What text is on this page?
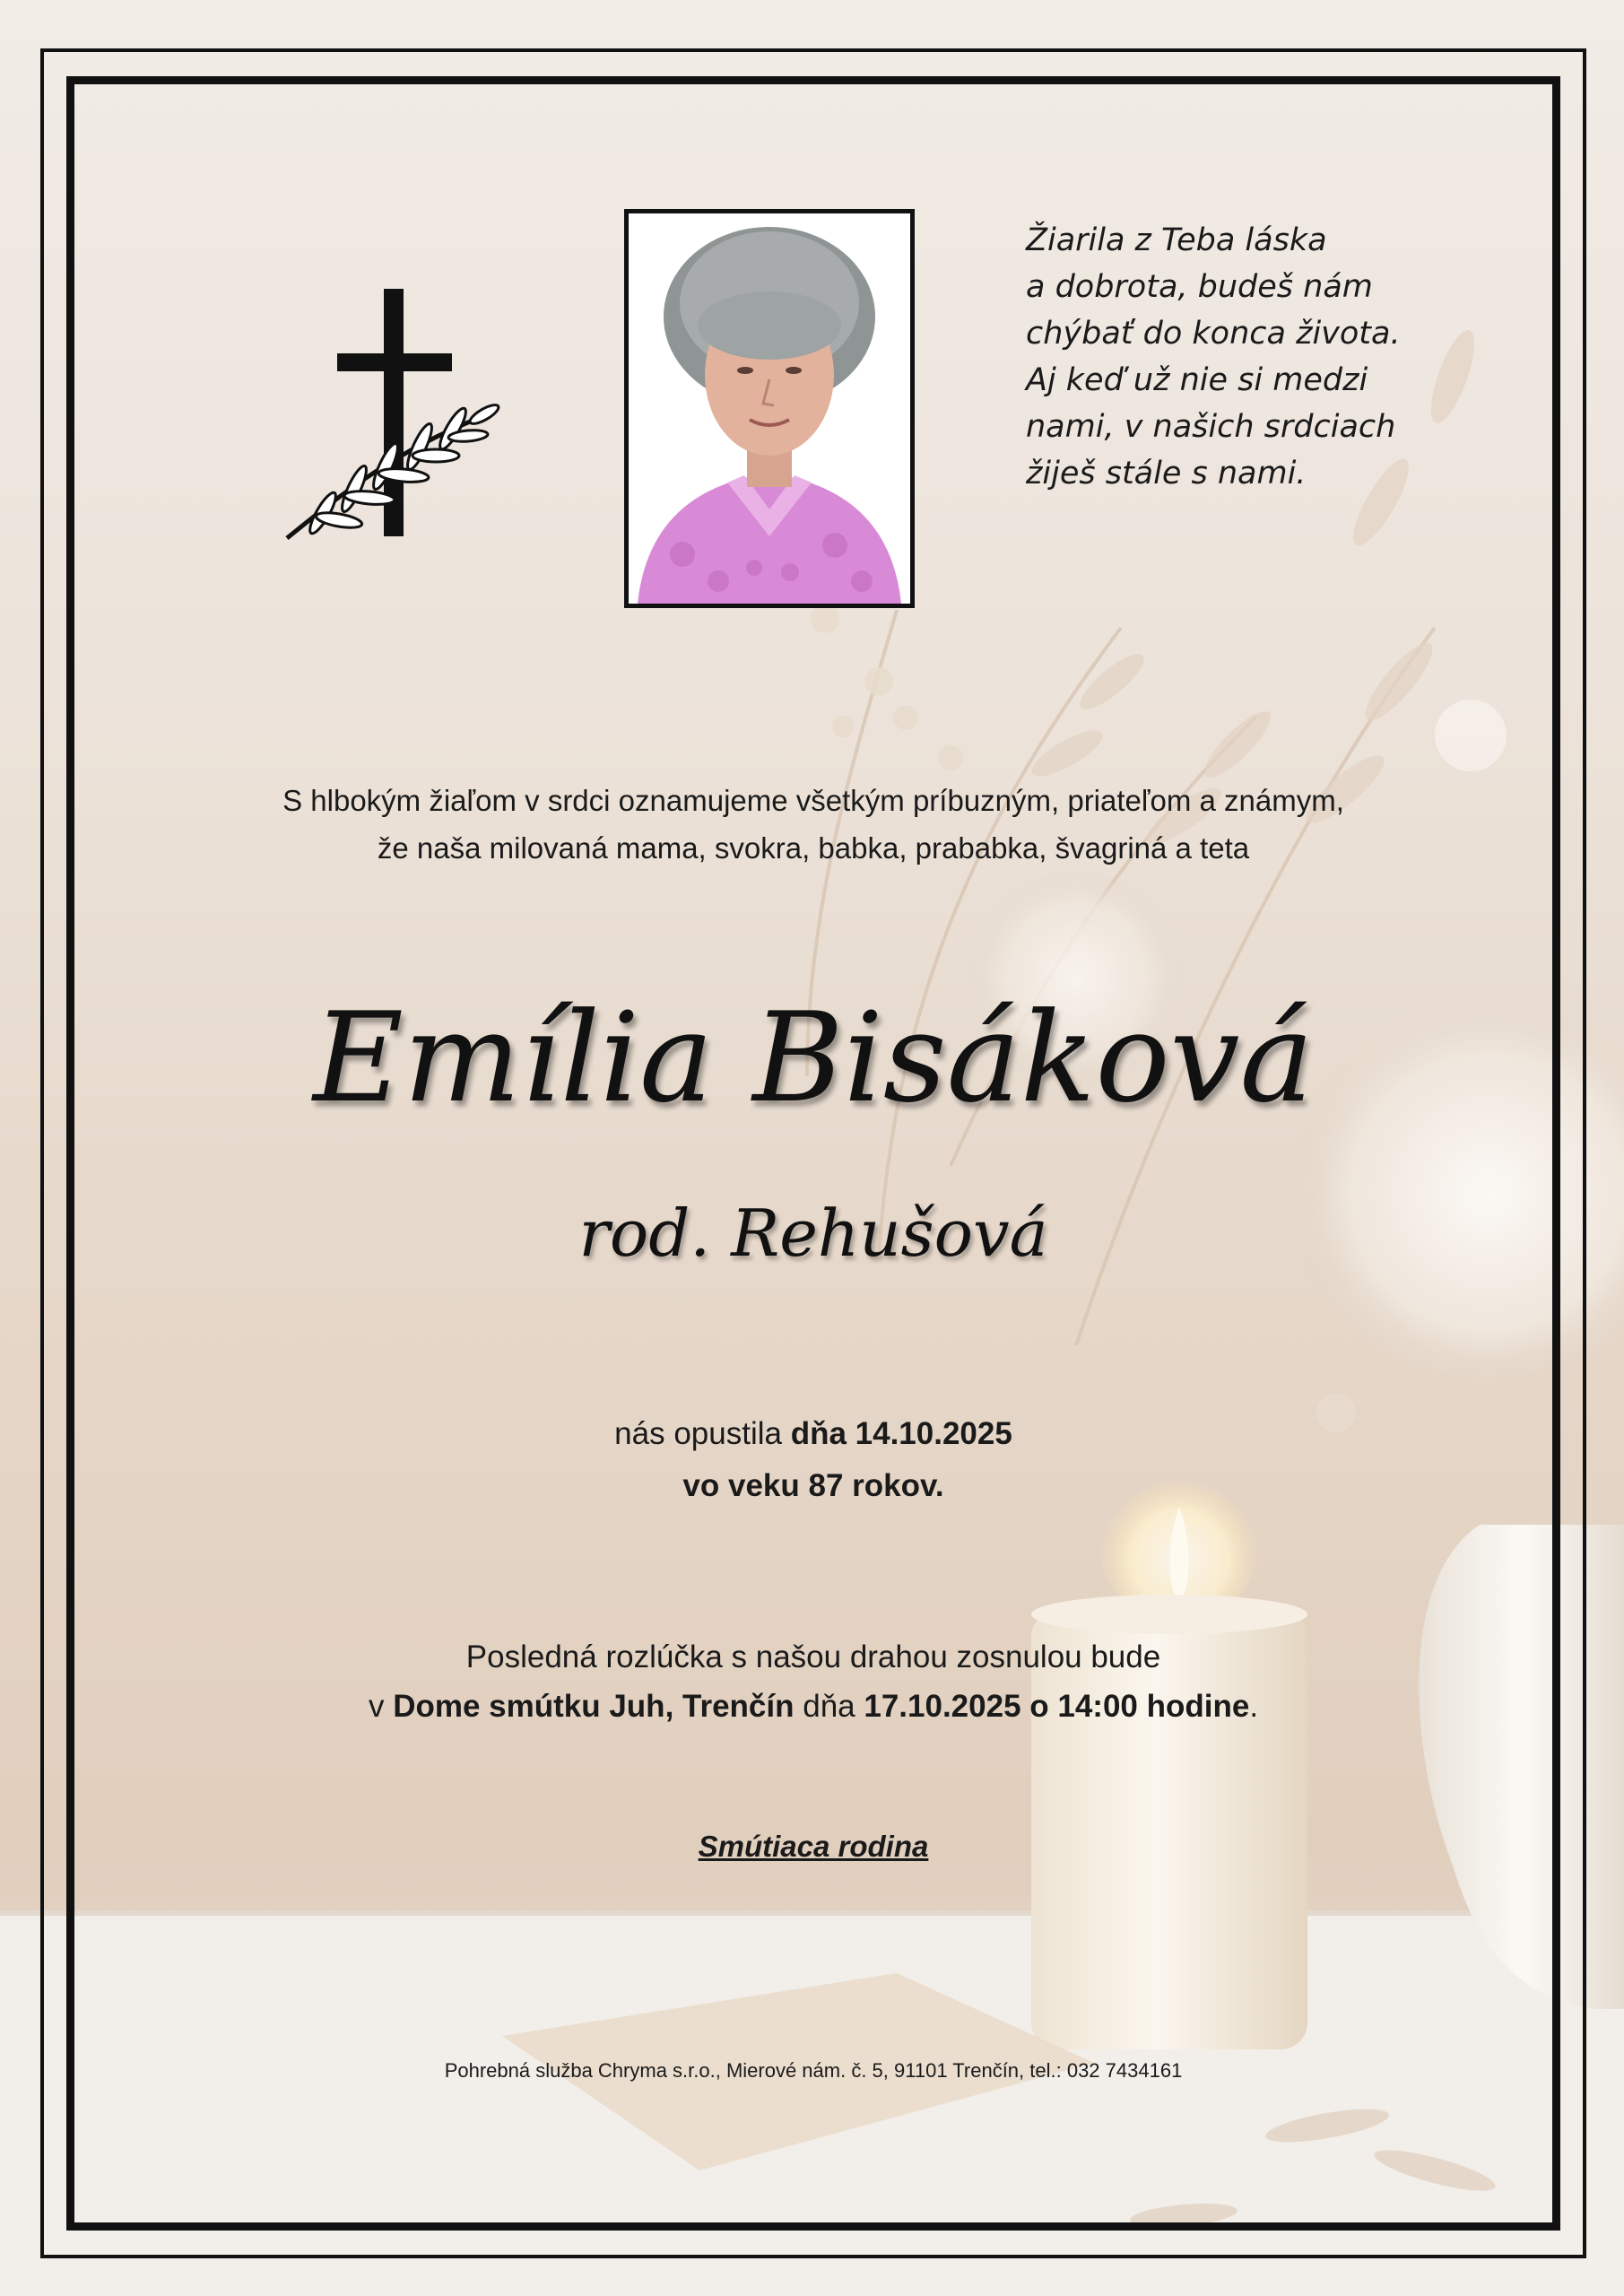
Žiarila z Teba láska
a dobrota, budeš nám
chýbať do konca života.
Aj keď už nie si medzi
nami, v našich srdciach
žiješ stále s nami.
S hlbokým žiaľom v srdci oznamujeme všetkým príbuzným, priateľom a známym,
že naša milovaná mama, svokra, babka, prababka, švagriná a teta
Emília Bisáková
rod. Rehušová
nás opustila dňa 14.10.2025
vo veku 87 rokov.
Posledná rozlúčka s našou drahou zosnulou bude
v Dome smútku Juh, Trenčín dňa 17.10.2025 o 14:00 hodine.
Smútiaca rodina
Pohrebná služba Chryma s.r.o., Mierové nám. č. 5, 91101 Trenčín, tel.: 032 7434161
